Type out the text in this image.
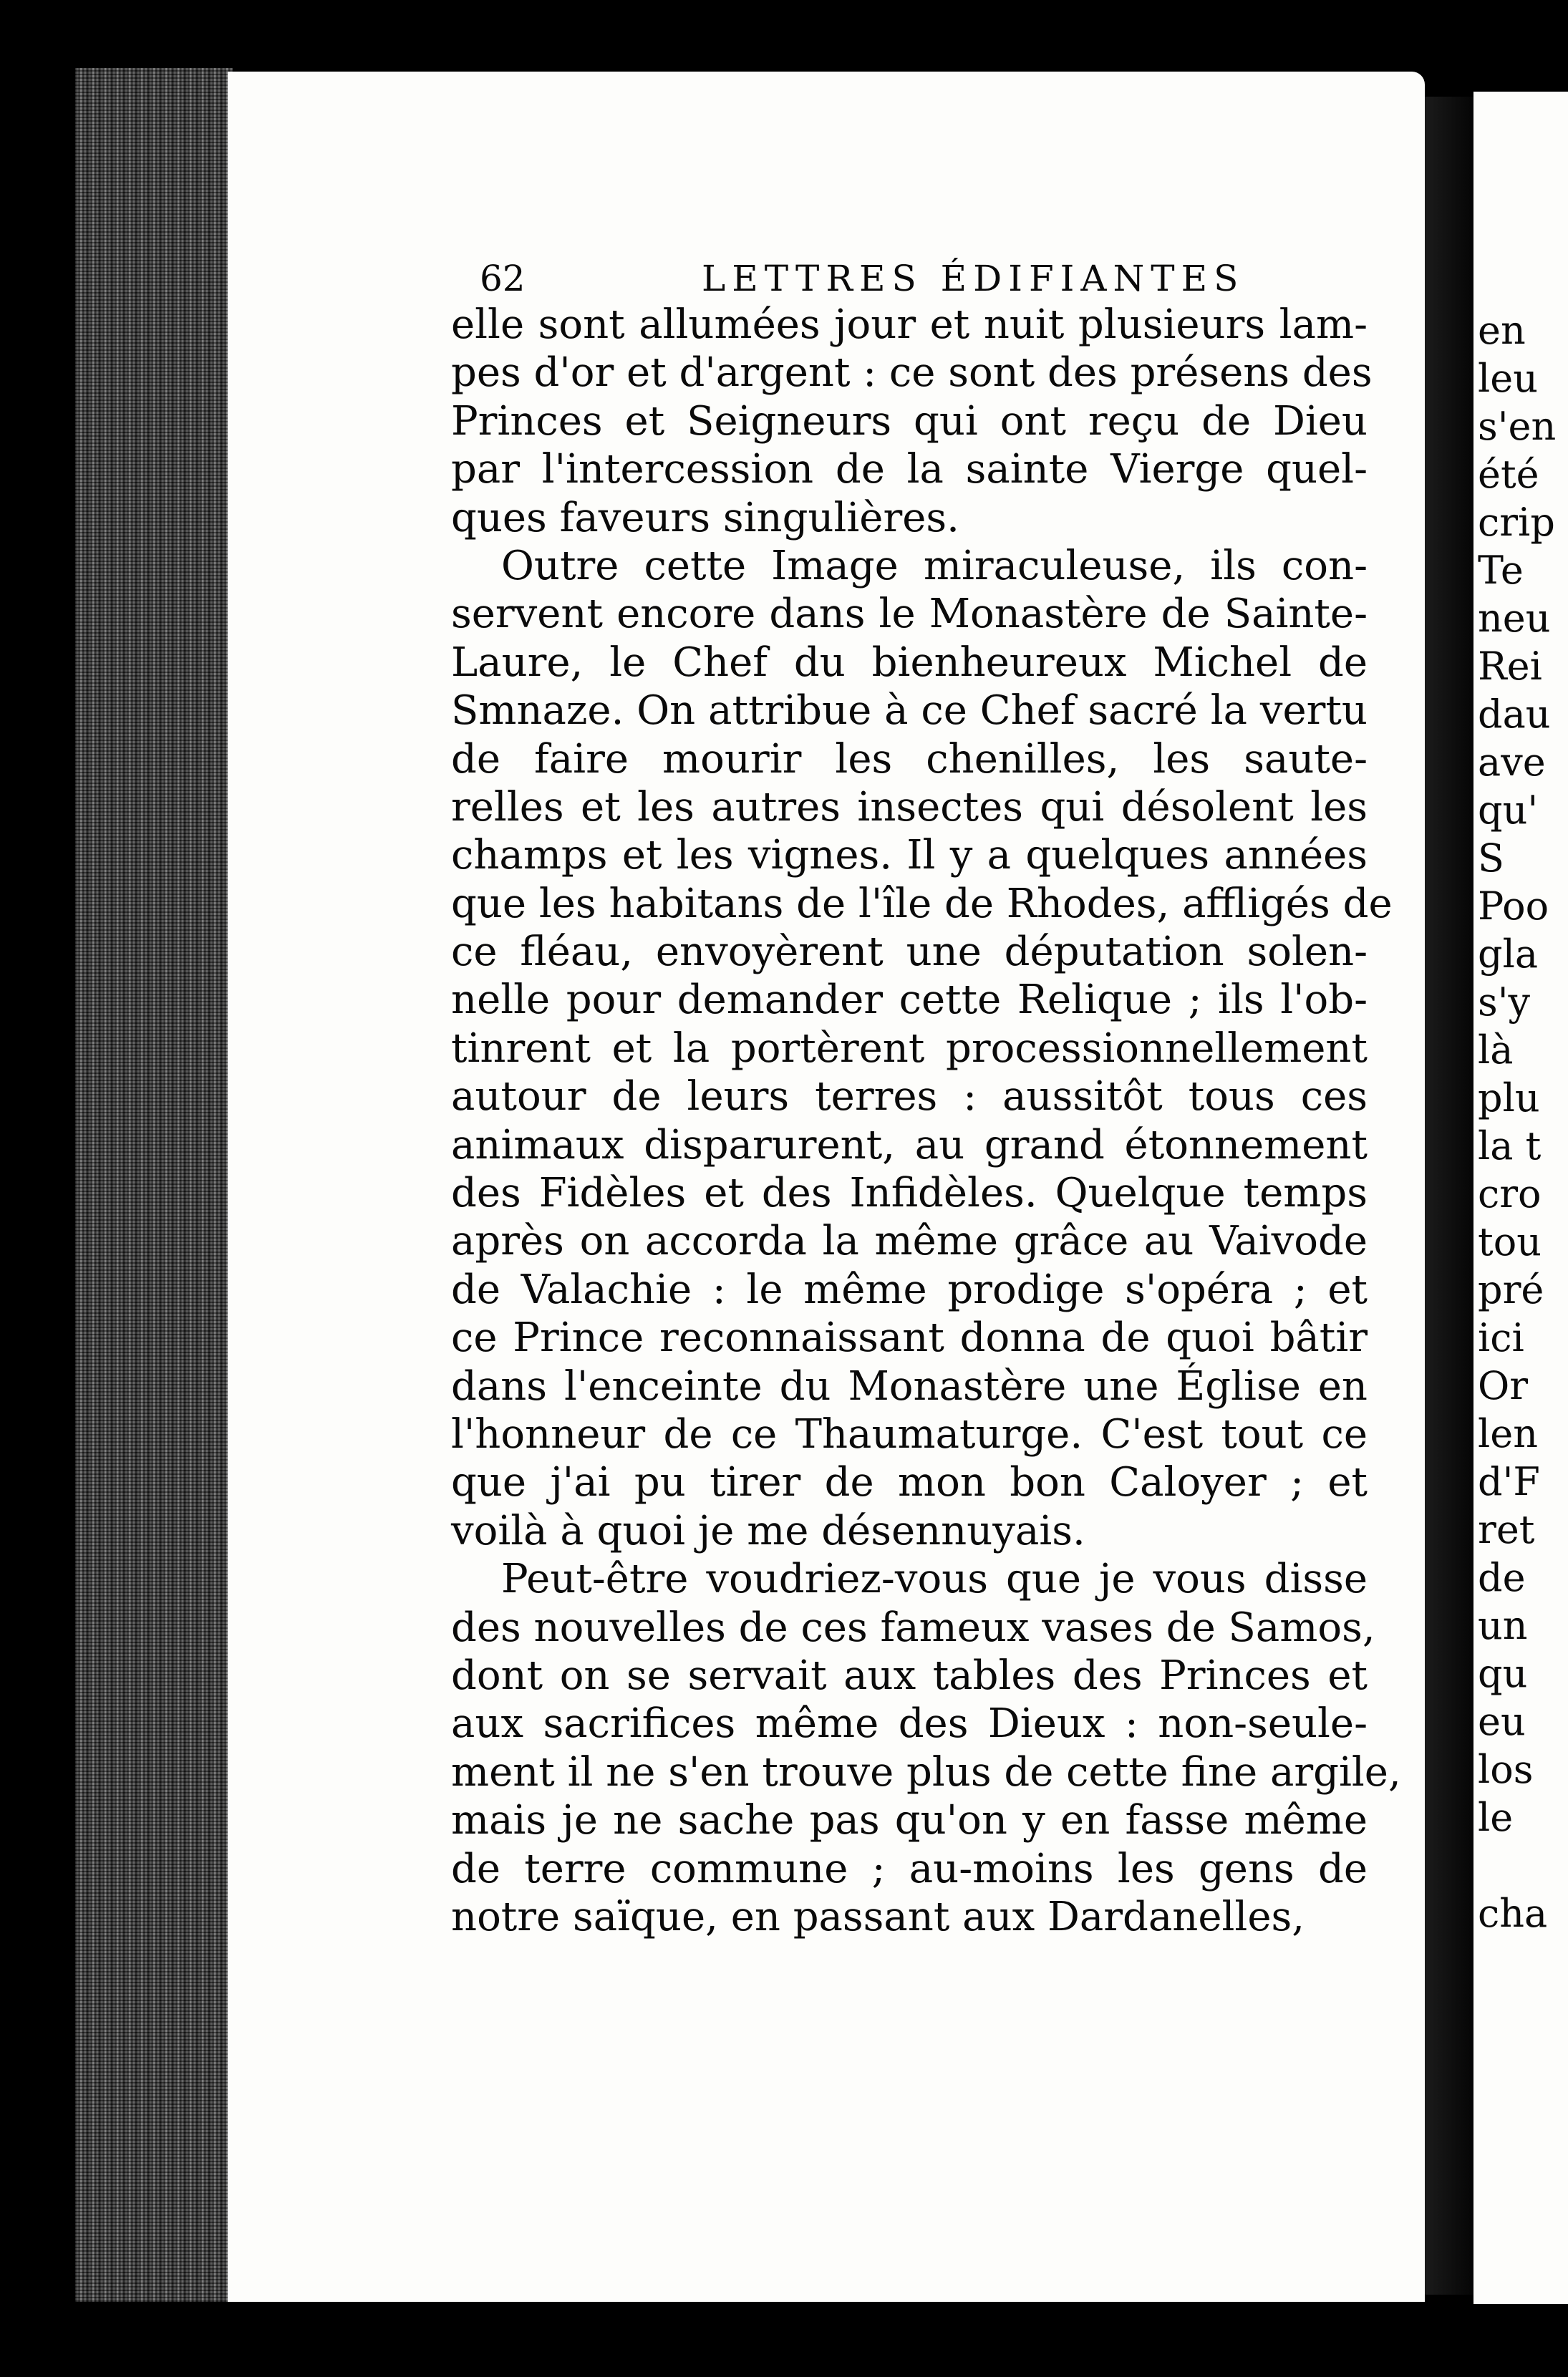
en
leu
s'en
été
crip
Te
neu
Rei
dau
ave
qu'
S
Poo
gla
s'y
là
plu
la t
cro
tou
pré
ici
Or
len
d'F
ret
de
un
qu
eu
los
le
cha
62	LETTRES ÉDIFIANTES
elle sont allumées jour et nuit plusieurs lam-
pes d'or et d'argent : ce sont des présens des
Princes et Seigneurs qui ont reçu de Dieu
par l'intercession de la sainte Vierge quel-
ques faveurs singulières.
Outre cette Image miraculeuse, ils con-
servent encore dans le Monastère de Sainte-
Laure, le Chef du bienheureux Michel de
Smnaze. On attribue à ce Chef sacré la vertu
de faire mourir les chenilles, les saute-
relles et les autres insectes qui désolent les
champs et les vignes. Il y a quelques années
que les habitans de l'île de Rhodes, affligés de
ce fléau, envoyèrent une députation solen-
nelle pour demander cette Relique ; ils l'ob-
tinrent et la portèrent processionnellement
autour de leurs terres : aussitôt tous ces
animaux disparurent, au grand étonnement
des Fidèles et des Infidèles. Quelque temps
après on accorda la même grâce au Vaivode
de Valachie : le même prodige s'opéra ; et
ce Prince reconnaissant donna de quoi bâtir
dans l'enceinte du Monastère une Église en
l'honneur de ce Thaumaturge. C'est tout ce
que j'ai pu tirer de mon bon Caloyer ; et
voilà à quoi je me désennuyais.
Peut-être voudriez-vous que je vous disse
des nouvelles de ces fameux vases de Samos,
dont on se servait aux tables des Princes et
aux sacrifices même des Dieux : non-seule-
ment il ne s'en trouve plus de cette fine argile,
mais je ne sache pas qu'on y en fasse même
de terre commune ; au-moins les gens de
notre saïque, en passant aux Dardanelles,
